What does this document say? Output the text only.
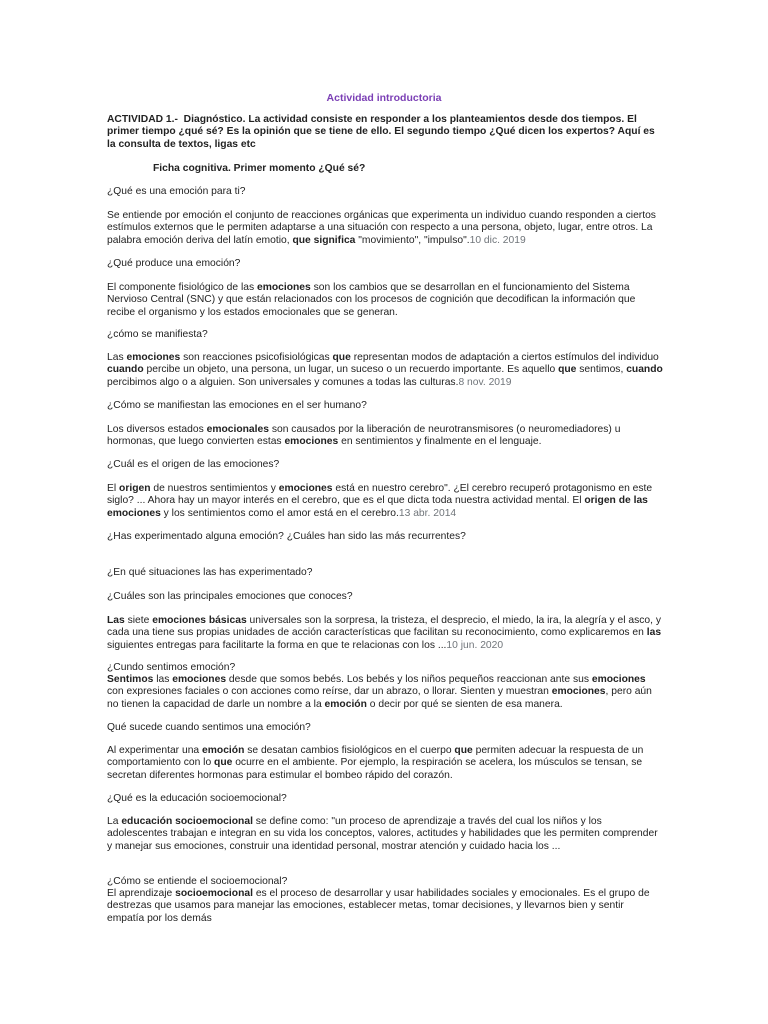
Actividad introductoria

ACTIVIDAD 1.- Diagnóstico. La actividad consiste en responder a los planteamientos desde dos tiempos. El primer tiempo ¿qué sé? Es la opinión que se tiene de ello. El segundo tiempo ¿Qué dicen los expertos? Aquí es la consulta de textos, ligas etc

Ficha cognitiva. Primer momento ¿Qué sé?

¿Qué es una emoción para ti?

Se entiende por emoción el conjunto de reacciones orgánicas que experimenta un individuo cuando responden a ciertos estímulos externos que le permiten adaptarse a una situación con respecto a una persona, objeto, lugar, entre otros. La palabra emoción deriva del latín emotio, que significa "movimiento", "impulso".10 dic. 2019

¿Qué produce una emoción?

El componente fisiológico de las emociones son los cambios que se desarrollan en el funcionamiento del Sistema Nervioso Central (SNC) y que están relacionados con los procesos de cognición que decodifican la información que recibe el organismo y los estados emocionales que se generan.

¿cómo se manifiesta?

Las emociones son reacciones psicofisiológicas que representan modos de adaptación a ciertos estímulos del individuo cuando percibe un objeto, una persona, un lugar, un suceso o un recuerdo importante. Es aquello que sentimos, cuando percibimos algo o a alguien. Son universales y comunes a todas las culturas.8 nov. 2019

¿Cómo se manifiestan las emociones en el ser humano?

Los diversos estados emocionales son causados por la liberación de neurotransmisores (o neuromediadores) u hormonas, que luego convierten estas emociones en sentimientos y finalmente en el lenguaje.

¿Cuál es el origen de las emociones?

El origen de nuestros sentimientos y emociones está en nuestro cerebro". ¿El cerebro recuperó protagonismo en este siglo? ... Ahora hay un mayor interés en el cerebro, que es el que dicta toda nuestra actividad mental. El origen de las emociones y los sentimientos como el amor está en el cerebro.13 abr. 2014

¿Has experimentado alguna emoción? ¿Cuáles han sido las más recurrentes?

¿En qué situaciones las has experimentado?

¿Cuáles son las principales emociones que conoces?

Las siete emociones básicas universales son la sorpresa, la tristeza, el desprecio, el miedo, la ira, la alegría y el asco, y cada una tiene sus propias unidades de acción características que facilitan su reconocimiento, como explicaremos en las siguientes entregas para facilitarte la forma en que te relacionas con los ...10 jun. 2020

¿Cundo sentimos emoción?

Sentimos las emociones desde que somos bebés. Los bebés y los niños pequeños reaccionan ante sus emociones con expresiones faciales o con acciones como reírse, dar un abrazo, o llorar. Sienten y muestran emociones, pero aún no tienen la capacidad de darle un nombre a la emoción o decir por qué se sienten de esa manera.

Qué sucede cuando sentimos una emoción?

Al experimentar una emoción se desatan cambios fisiológicos en el cuerpo que permiten adecuar la respuesta de un comportamiento con lo que ocurre en el ambiente. Por ejemplo, la respiración se acelera, los músculos se tensan, se secretan diferentes hormonas para estimular el bombeo rápido del corazón.

¿Qué es la educación socioemocional?

La educación socioemocional se define como: "un proceso de aprendizaje a través del cual los niños y los adolescentes trabajan e integran en su vida los conceptos, valores, actitudes y habilidades que les permiten comprender y manejar sus emociones, construir una identidad personal, mostrar atención y cuidado hacia los ...

¿Cómo se entiende el socioemocional?

El aprendizaje socioemocional es el proceso de desarrollar y usar habilidades sociales y emocionales. Es el grupo de destrezas que usamos para manejar las emociones, establecer metas, tomar decisiones, y llevarnos bien y sentir empatía por los demás
